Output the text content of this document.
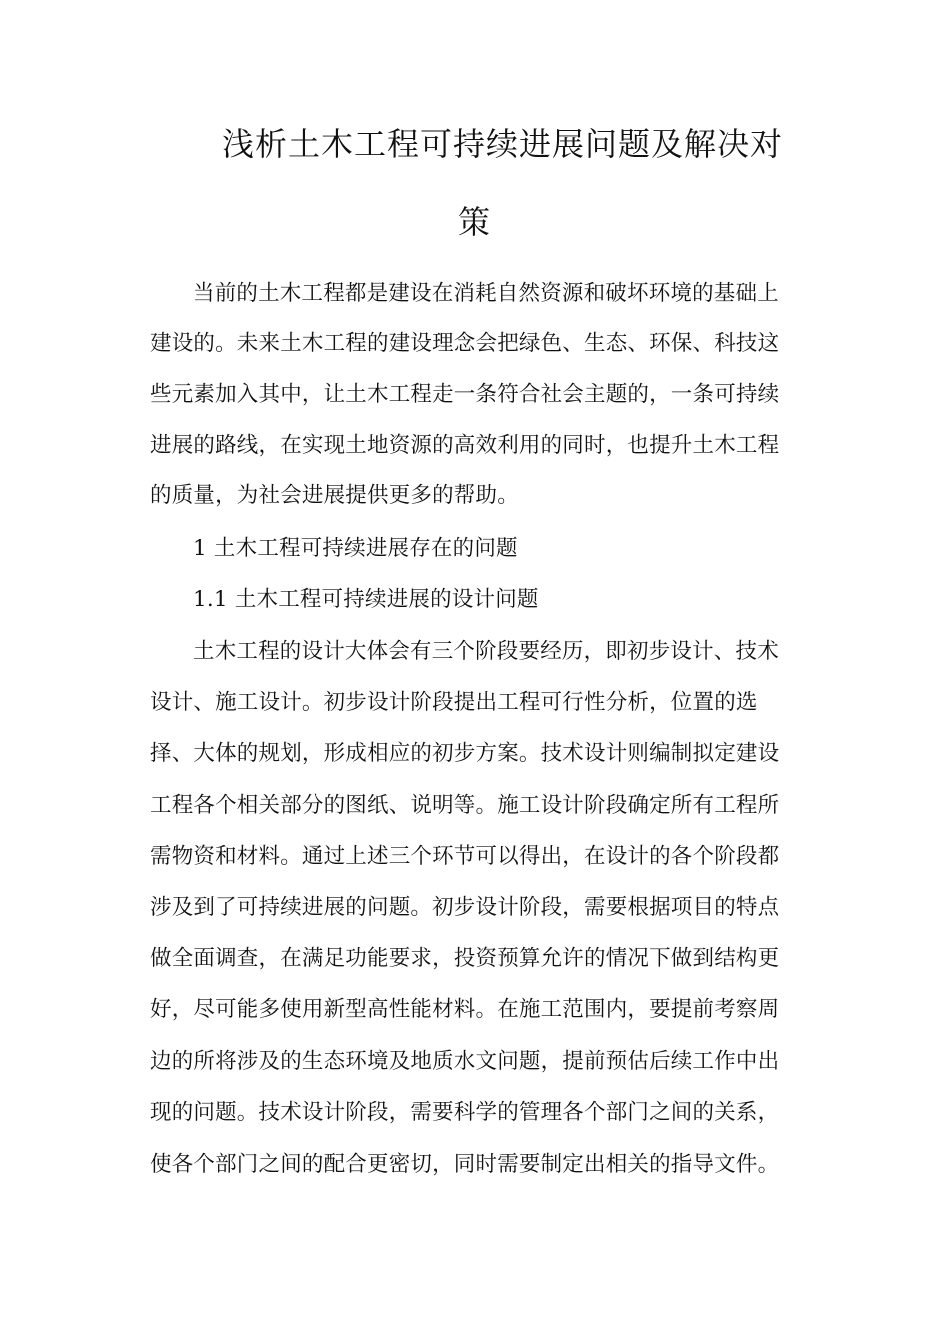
浅析土木工程可持续进展问题及解决对
策
当前的土木工程都是建设在消耗自然资源和破坏环境的基础上
建设的。未来土木工程的建设理念会把绿色、生态、环保、科技这
些元素加入其中，让土木工程走一条符合社会主题的，一条可持续
进展的路线，在实现土地资源的高效利用的同时，也提升土木工程
的质量，为社会进展提供更多的帮助。
1 土木工程可持续进展存在的问题
1.1 土木工程可持续进展的设计问题
土木工程的设计大体会有三个阶段要经历，即初步设计、技术
设计、施工设计。初步设计阶段提出工程可行性分析，位置的选
择、大体的规划，形成相应的初步方案。技术设计则编制拟定建设
工程各个相关部分的图纸、说明等。施工设计阶段确定所有工程所
需物资和材料。通过上述三个环节可以得出，在设计的各个阶段都
涉及到了可持续进展的问题。初步设计阶段，需要根据项目的特点
做全面调查，在满足功能要求，投资预算允许的情况下做到结构更
好，尽可能多使用新型高性能材料。在施工范围内，要提前考察周
边的所将涉及的生态环境及地质水文问题，提前预估后续工作中出
现的问题。技术设计阶段，需要科学的管理各个部门之间的关系，
使各个部门之间的配合更密切，同时需要制定出相关的指导文件。
